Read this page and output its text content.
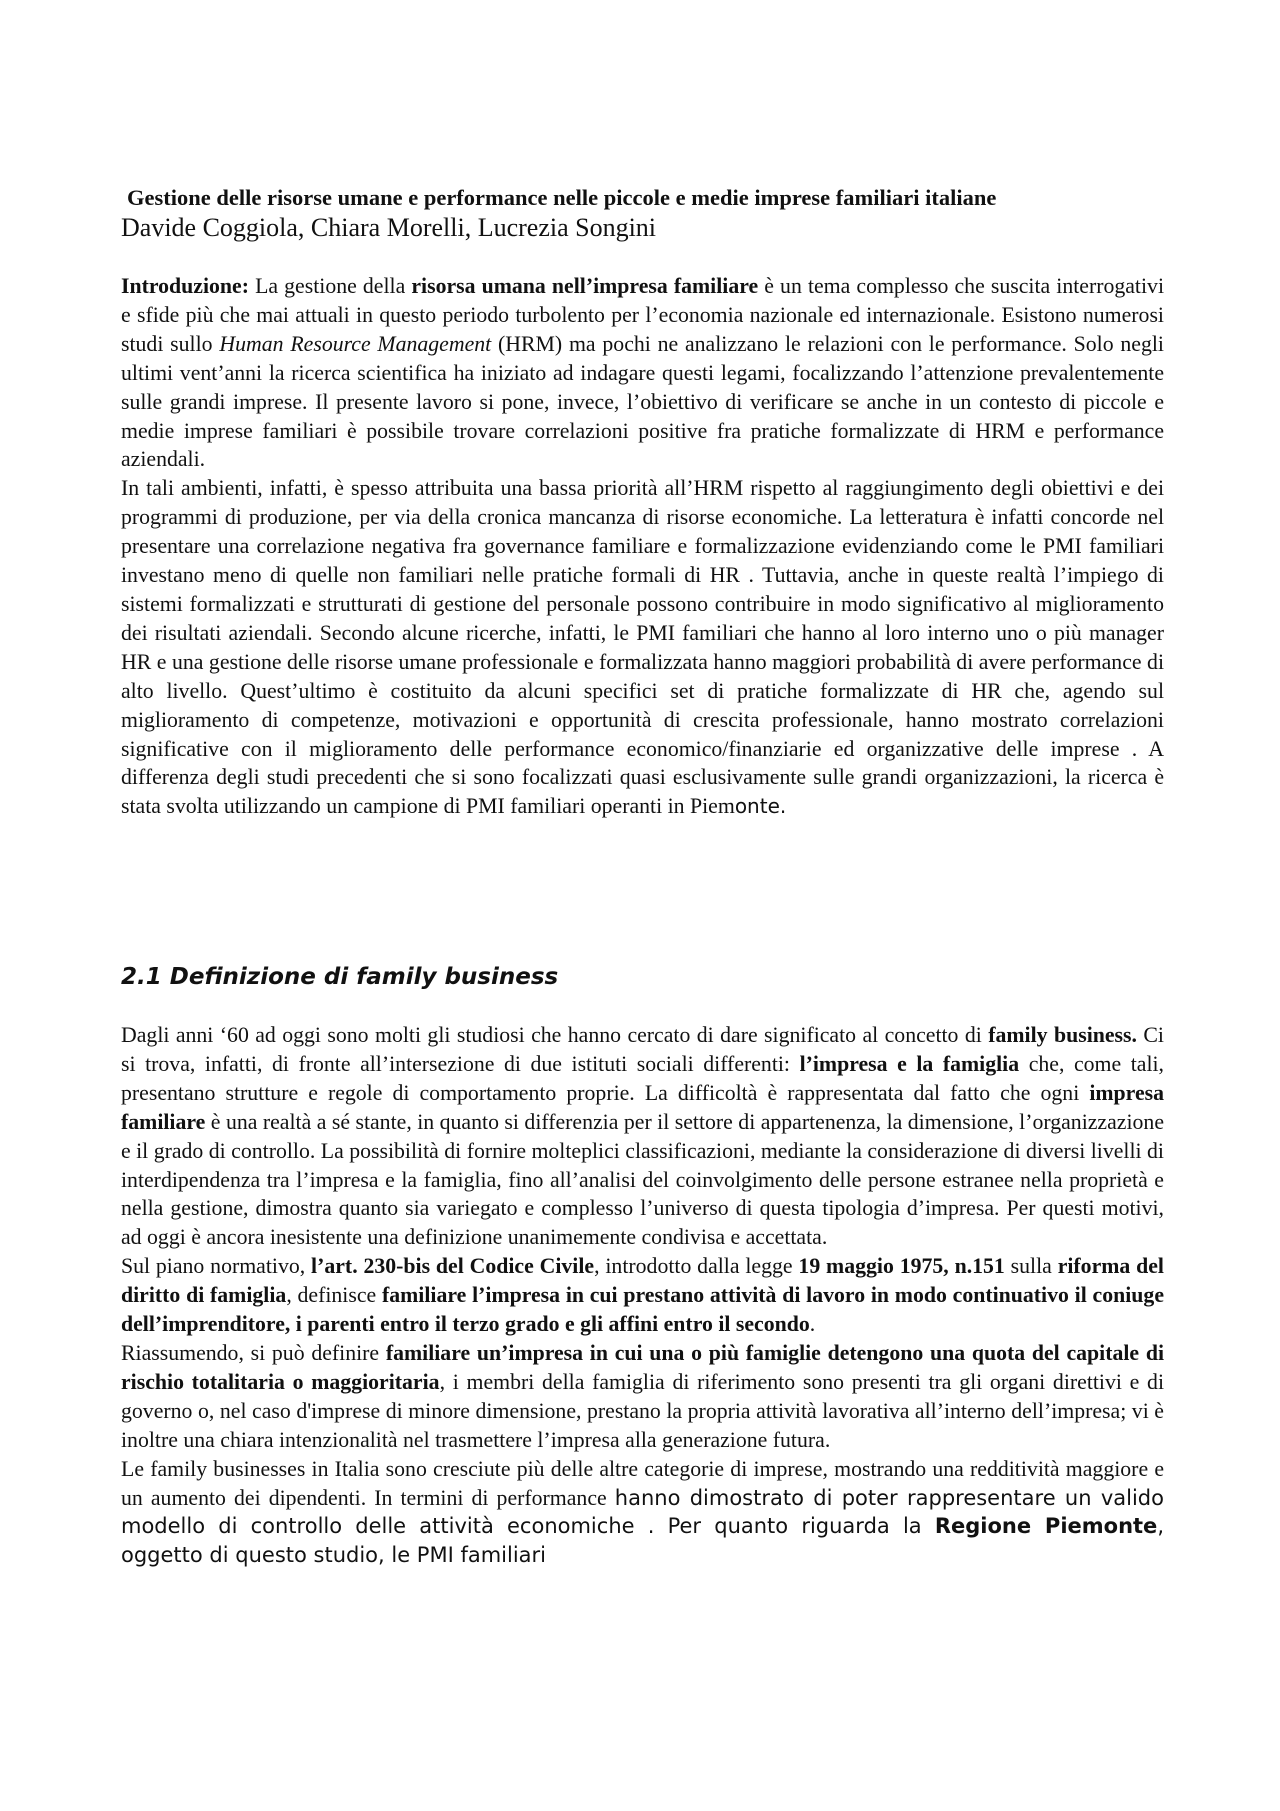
Gestione delle risorse umane e performance nelle piccole e medie imprese familiari italiane
Davide Coggiola, Chiara Morelli, Lucrezia Songini

Introduzione: La gestione della risorsa umana nell’impresa familiare è un tema complesso che suscita interrogativi e sfide più che mai attuali in questo periodo turbolento per l’economia nazionale ed internazionale. Esistono numerosi studi sullo Human Resource Management (HRM) ma pochi ne analizzano le relazioni con le performance. Solo negli ultimi vent’anni la ricerca scientifica ha iniziato ad indagare questi legami, focalizzando l’attenzione prevalentemente sulle grandi imprese. Il presente lavoro si pone, invece, l’obiettivo di verificare se anche in un contesto di piccole e medie imprese familiari è possibile trovare correlazioni positive fra pratiche formalizzate di HRM e performance aziendali.

In tali ambienti, infatti, è spesso attribuita una bassa priorità all’HRM rispetto al raggiungimento degli obiettivi e dei programmi di produzione, per via della cronica mancanza di risorse economiche. La letteratura è infatti concorde nel presentare una correlazione negativa fra governance familiare e formalizzazione evidenziando come le PMI familiari investano meno di quelle non familiari nelle pratiche formali di HR . Tuttavia, anche in queste realtà l’impiego di sistemi formalizzati e strutturati di gestione del personale possono contribuire in modo significativo al miglioramento dei risultati aziendali. Secondo alcune ricerche, infatti, le PMI familiari che hanno al loro interno uno o più manager HR e una gestione delle risorse umane professionale e formalizzata hanno maggiori probabilità di avere performance di alto livello. Quest’ultimo è costituito da alcuni specifici set di pratiche formalizzate di HR che, agendo sul miglioramento di competenze, motivazioni e opportunità di crescita professionale, hanno mostrato correlazioni significative con il miglioramento delle performance economico/finanziarie ed organizzative delle imprese . A differenza degli studi precedenti che si sono focalizzati quasi esclusivamente sulle grandi organizzazioni, la ricerca è stata svolta utilizzando un campione di PMI familiari operanti in Piemonte.

2.1 Definizione di family business

Dagli anni ‘60 ad oggi sono molti gli studiosi che hanno cercato di dare significato al concetto di family business. Ci si trova, infatti, di fronte all’intersezione di due istituti sociali differenti: l’impresa e la famiglia che, come tali, presentano strutture e regole di comportamento proprie. La difficoltà è rappresentata dal fatto che ogni impresa familiare è una realtà a sé stante, in quanto si differenzia per il settore di appartenenza, la dimensione, l’organizzazione e il grado di controllo. La possibilità di fornire molteplici classificazioni, mediante la considerazione di diversi livelli di interdipendenza tra l’impresa e la famiglia, fino all’analisi del coinvolgimento delle persone estranee nella proprietà e nella gestione, dimostra quanto sia variegato e complesso l’universo di questa tipologia d’impresa. Per questi motivi, ad oggi è ancora inesistente una definizione unanimemente condivisa e accettata.

Sul piano normativo, l’art. 230-bis del Codice Civile, introdotto dalla legge 19 maggio 1975, n.151 sulla riforma del diritto di famiglia, definisce familiare l’impresa in cui prestano attività di lavoro in modo continuativo il coniuge dell’imprenditore, i parenti entro il terzo grado e gli affini entro il secondo.

Riassumendo, si può definire familiare un’impresa in cui una o più famiglie detengono una quota del capitale di rischio totalitaria o maggioritaria, i membri della famiglia di riferimento sono presenti tra gli organi direttivi e di governo o, nel caso d'imprese di minore dimensione, prestano la propria attività lavorativa all’interno dell’impresa; vi è inoltre una chiara intenzionalità nel trasmettere l’impresa alla generazione futura.

Le family businesses in Italia sono cresciute più delle altre categorie di imprese, mostrando una redditività maggiore e un aumento dei dipendenti. In termini di performance hanno dimostrato di poter rappresentare un valido modello di controllo delle attività economiche . Per quanto riguarda la Regione Piemonte, oggetto di questo studio, le PMI familiari
